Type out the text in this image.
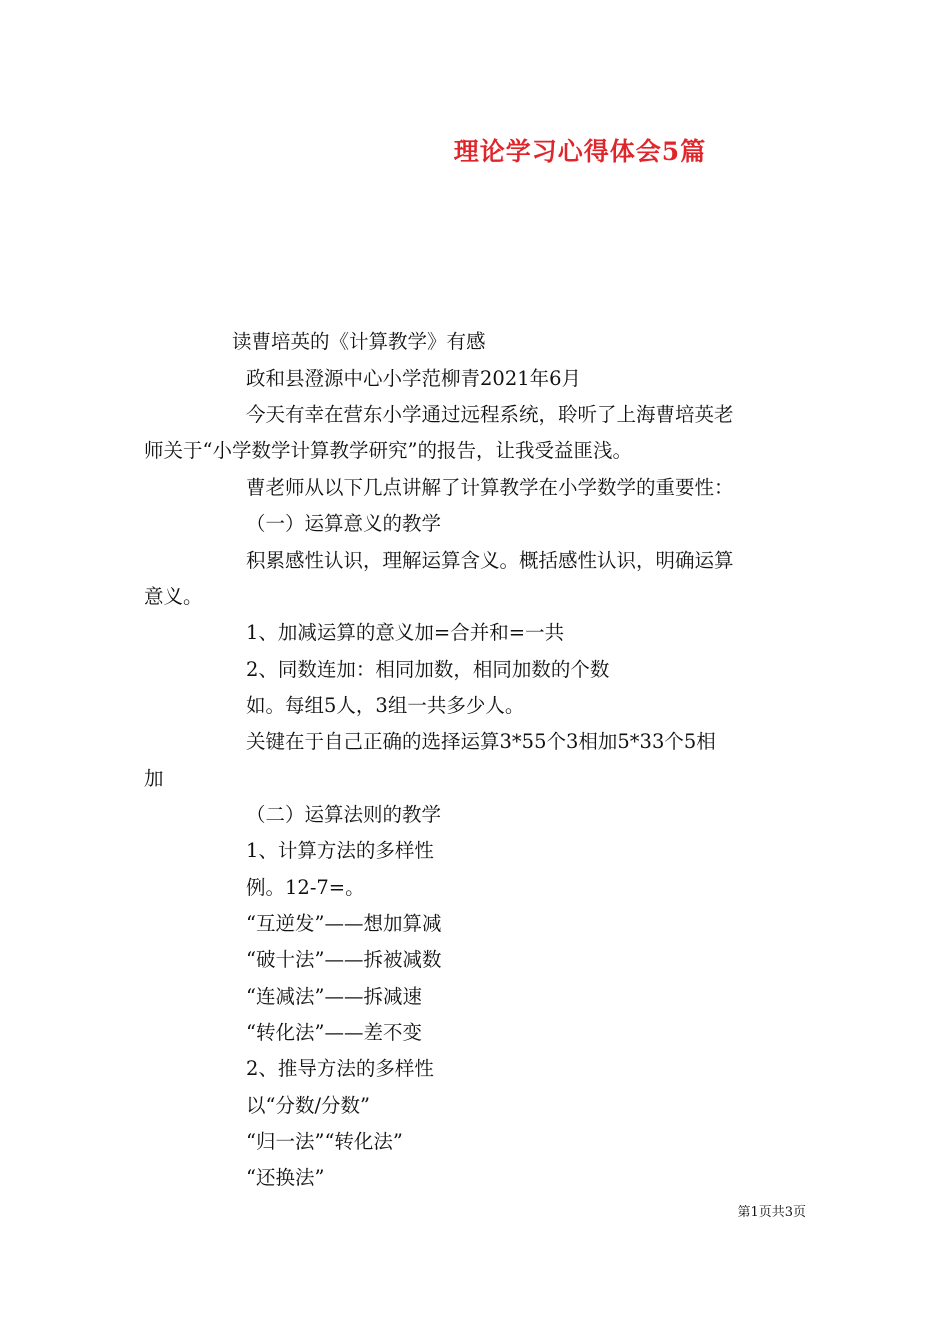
理论学习心得体会5篇
读曹培英的《计算教学》有感
政和县澄源中心小学范柳青2021年6月
今天有幸在营东小学通过远程系统，聆听了上海曹培英老
师关于“小学数学计算教学研究”的报告，让我受益匪浅。
曹老师从以下几点讲解了计算教学在小学数学的重要性：
（一）运算意义的教学
积累感性认识，理解运算含义。概括感性认识，明确运算
意义。
1、加减运算的意义加=合并和=一共
2、同数连加：相同加数，相同加数的个数
如。每组5人，3组一共多少人。
关键在于自己正确的选择运算3*55个3相加5*33个5相
加
（二）运算法则的教学
1、计算方法的多样性
例。12-7=。
“互逆发”——想加算减
“破十法”——拆被减数
“连减法”——拆减速
“转化法”——差不变
2、推导方法的多样性
以“分数/分数”
“归一法”“转化法”
“还换法”
第1页共3页
